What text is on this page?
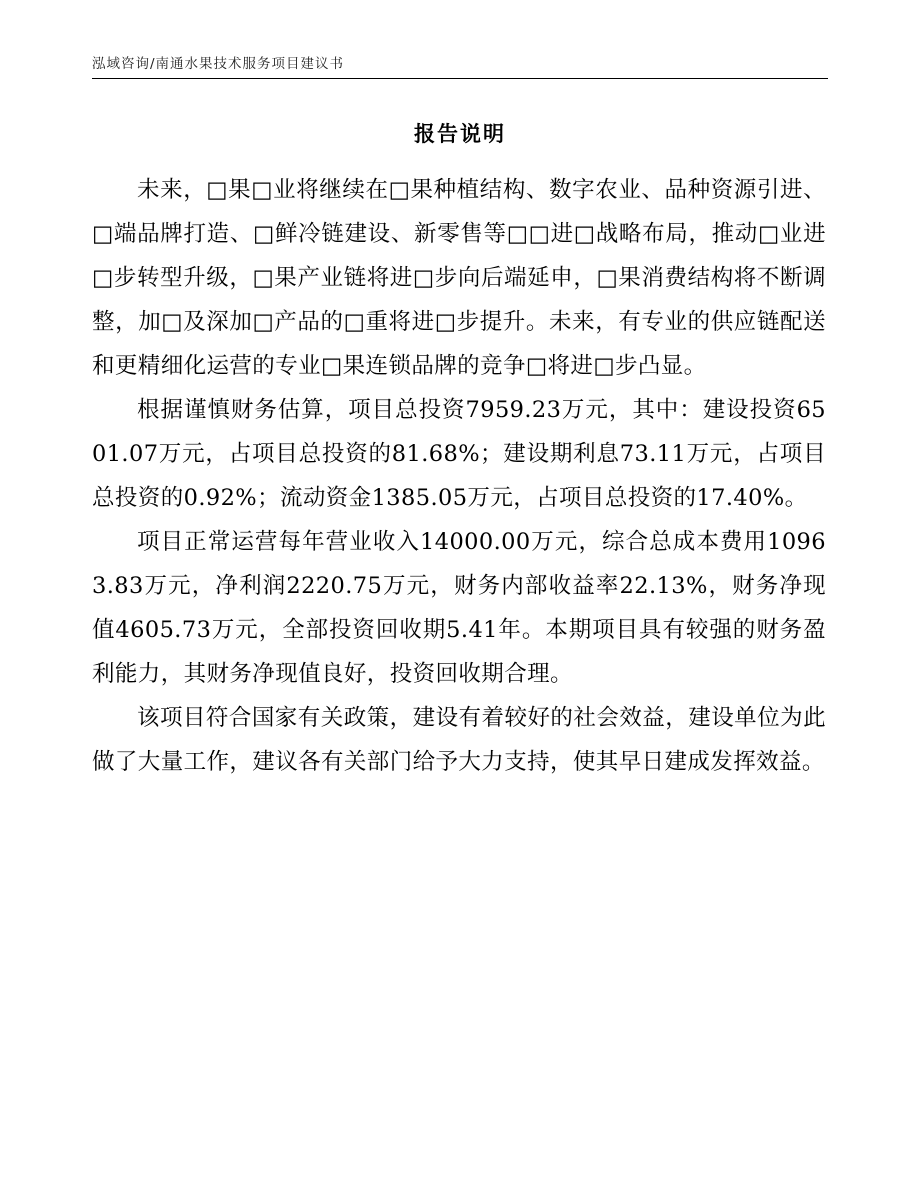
泓域咨询/南通水果技术服务项目建议书
报告说明

未来，□果□业将继续在□果种植结构、数字农业、品种资源引进、□端品牌打造、□鲜冷链建设、新零售等□□进□战略布局，推动□业进□步转型升级，□果产业链将进□步向后端延申，□果消费结构将不断调整，加□及深加□产品的□重将进□步提升。未来，有专业的供应链配送和更精细化运营的专业□果连锁品牌的竞争□将进□步凸显。

根据谨慎财务估算，项目总投资7959.23万元，其中：建设投资6501.07万元，占项目总投资的81.68%；建设期利息73.11万元，占项目总投资的0.92%；流动资金1385.05万元，占项目总投资的17.40%。

项目正常运营每年营业收入14000.00万元，综合总成本费用10963.83万元，净利润2220.75万元，财务内部收益率22.13%，财务净现值4605.73万元，全部投资回收期5.41年。本期项目具有较强的财务盈利能力，其财务净现值良好，投资回收期合理。

该项目符合国家有关政策，建设有着较好的社会效益，建设单位为此做了大量工作，建议各有关部门给予大力支持，使其早日建成发挥效益。
